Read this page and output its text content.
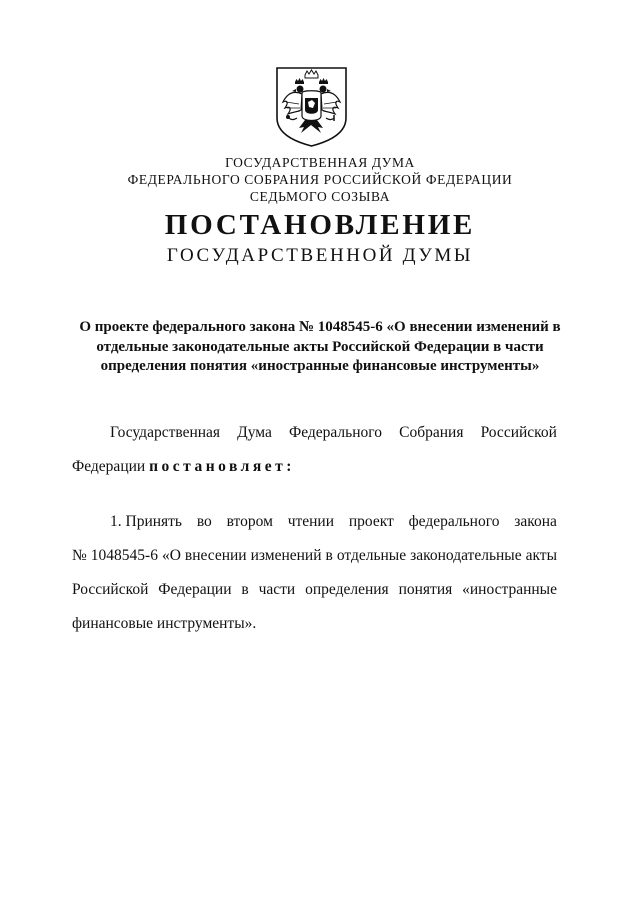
ГОСУДАРСТВЕННАЯ ДУМА
ФЕДЕРАЛЬНОГО СОБРАНИЯ РОССИЙСКОЙ ФЕДЕРАЦИИ
СЕДЬМОГО СОЗЫВА
ПОСТАНОВЛЕНИЕ
ГОСУДАРСТВЕННОЙ ДУМЫ
О проекте федерального закона № 1048545-6 «О внесении изменений в
отдельные законодательные акты Российской Федерации в части
определения понятия «иностранные финансовые инструменты»
Государственная Дума Федерального Собрания Российской
Федерации постановляет:
1. Принять во втором чтении проект федерального закона
№ 1048545-6 «О внесении изменений в отдельные законодательные акты
Российской Федерации в части определения понятия «иностранные
финансовые инструменты».
